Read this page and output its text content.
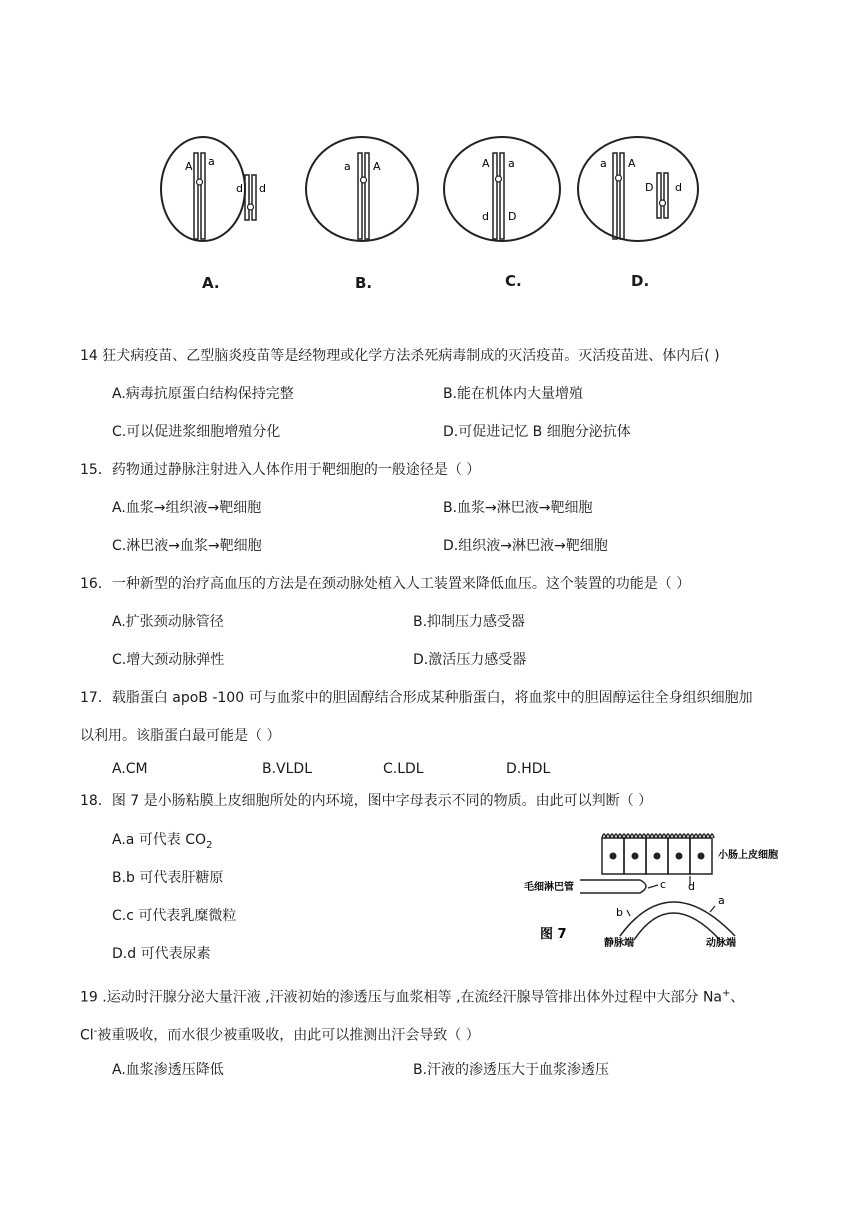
A a
d d
a A	A a
d D
a A
D d
A.	B.	C.	D.
14 狂犬病疫苗、乙型脑炎疫苗等是经物理或化学方法杀死病毒制成的灭活疫苗。灭活疫苗进、体内后( )
A.病毒抗原蛋白结构保持完整	B.能在机体内大量增殖
C.可以促进浆细胞增殖分化	D.可促进记忆 B 细胞分泌抗体
15．药物通过静脉注射进入人体作用于靶细胞的一般途径是（ ）
A.血浆→组织液→靶细胞	B.血浆→淋巴液→靶细胞
C.淋巴液→血浆→靶细胞	D.组织液→淋巴液→靶细胞
16．一种新型的治疗高血压的方法是在颈动脉处植入人工装置来降低血压。这个装置的功能是（ ）
A.扩张颈动脉管径	B.抑制压力感受器
C.增大颈动脉弹性	D.激活压力感受器
17．载脂蛋白 apoB -100 可与血浆中的胆固醇结合形成某种脂蛋白，将血浆中的胆固醇运往全身组织细胞加
以利用。该脂蛋白最可能是（ ）
A.CM	B.VLDL	C.LDL	D.HDL
18．图 7 是小肠粘膜上皮细胞所处的内环境，图中字母表示不同的物质。由此可以判断（ ）
A.a 可代表 $CO_2$
B.b 可代表肝糖原
C.c 可代表乳糜微粒
D.d 可代表尿素
a
b
c d
小肠上皮细胞
毛细淋巴管
图 7
静脉端	动脉端
19 .运动时汗腺分泌大量汗液 ,汗液初始的渗透压与血浆相等 ,在流经汗腺导管排出体外过程中大部分 Na+、
Cl-被重吸收，而水很少被重吸收，由此可以推测出汗会导致（ ）
A.血浆渗透压降低	B.汗液的渗透压大于血浆渗透压
